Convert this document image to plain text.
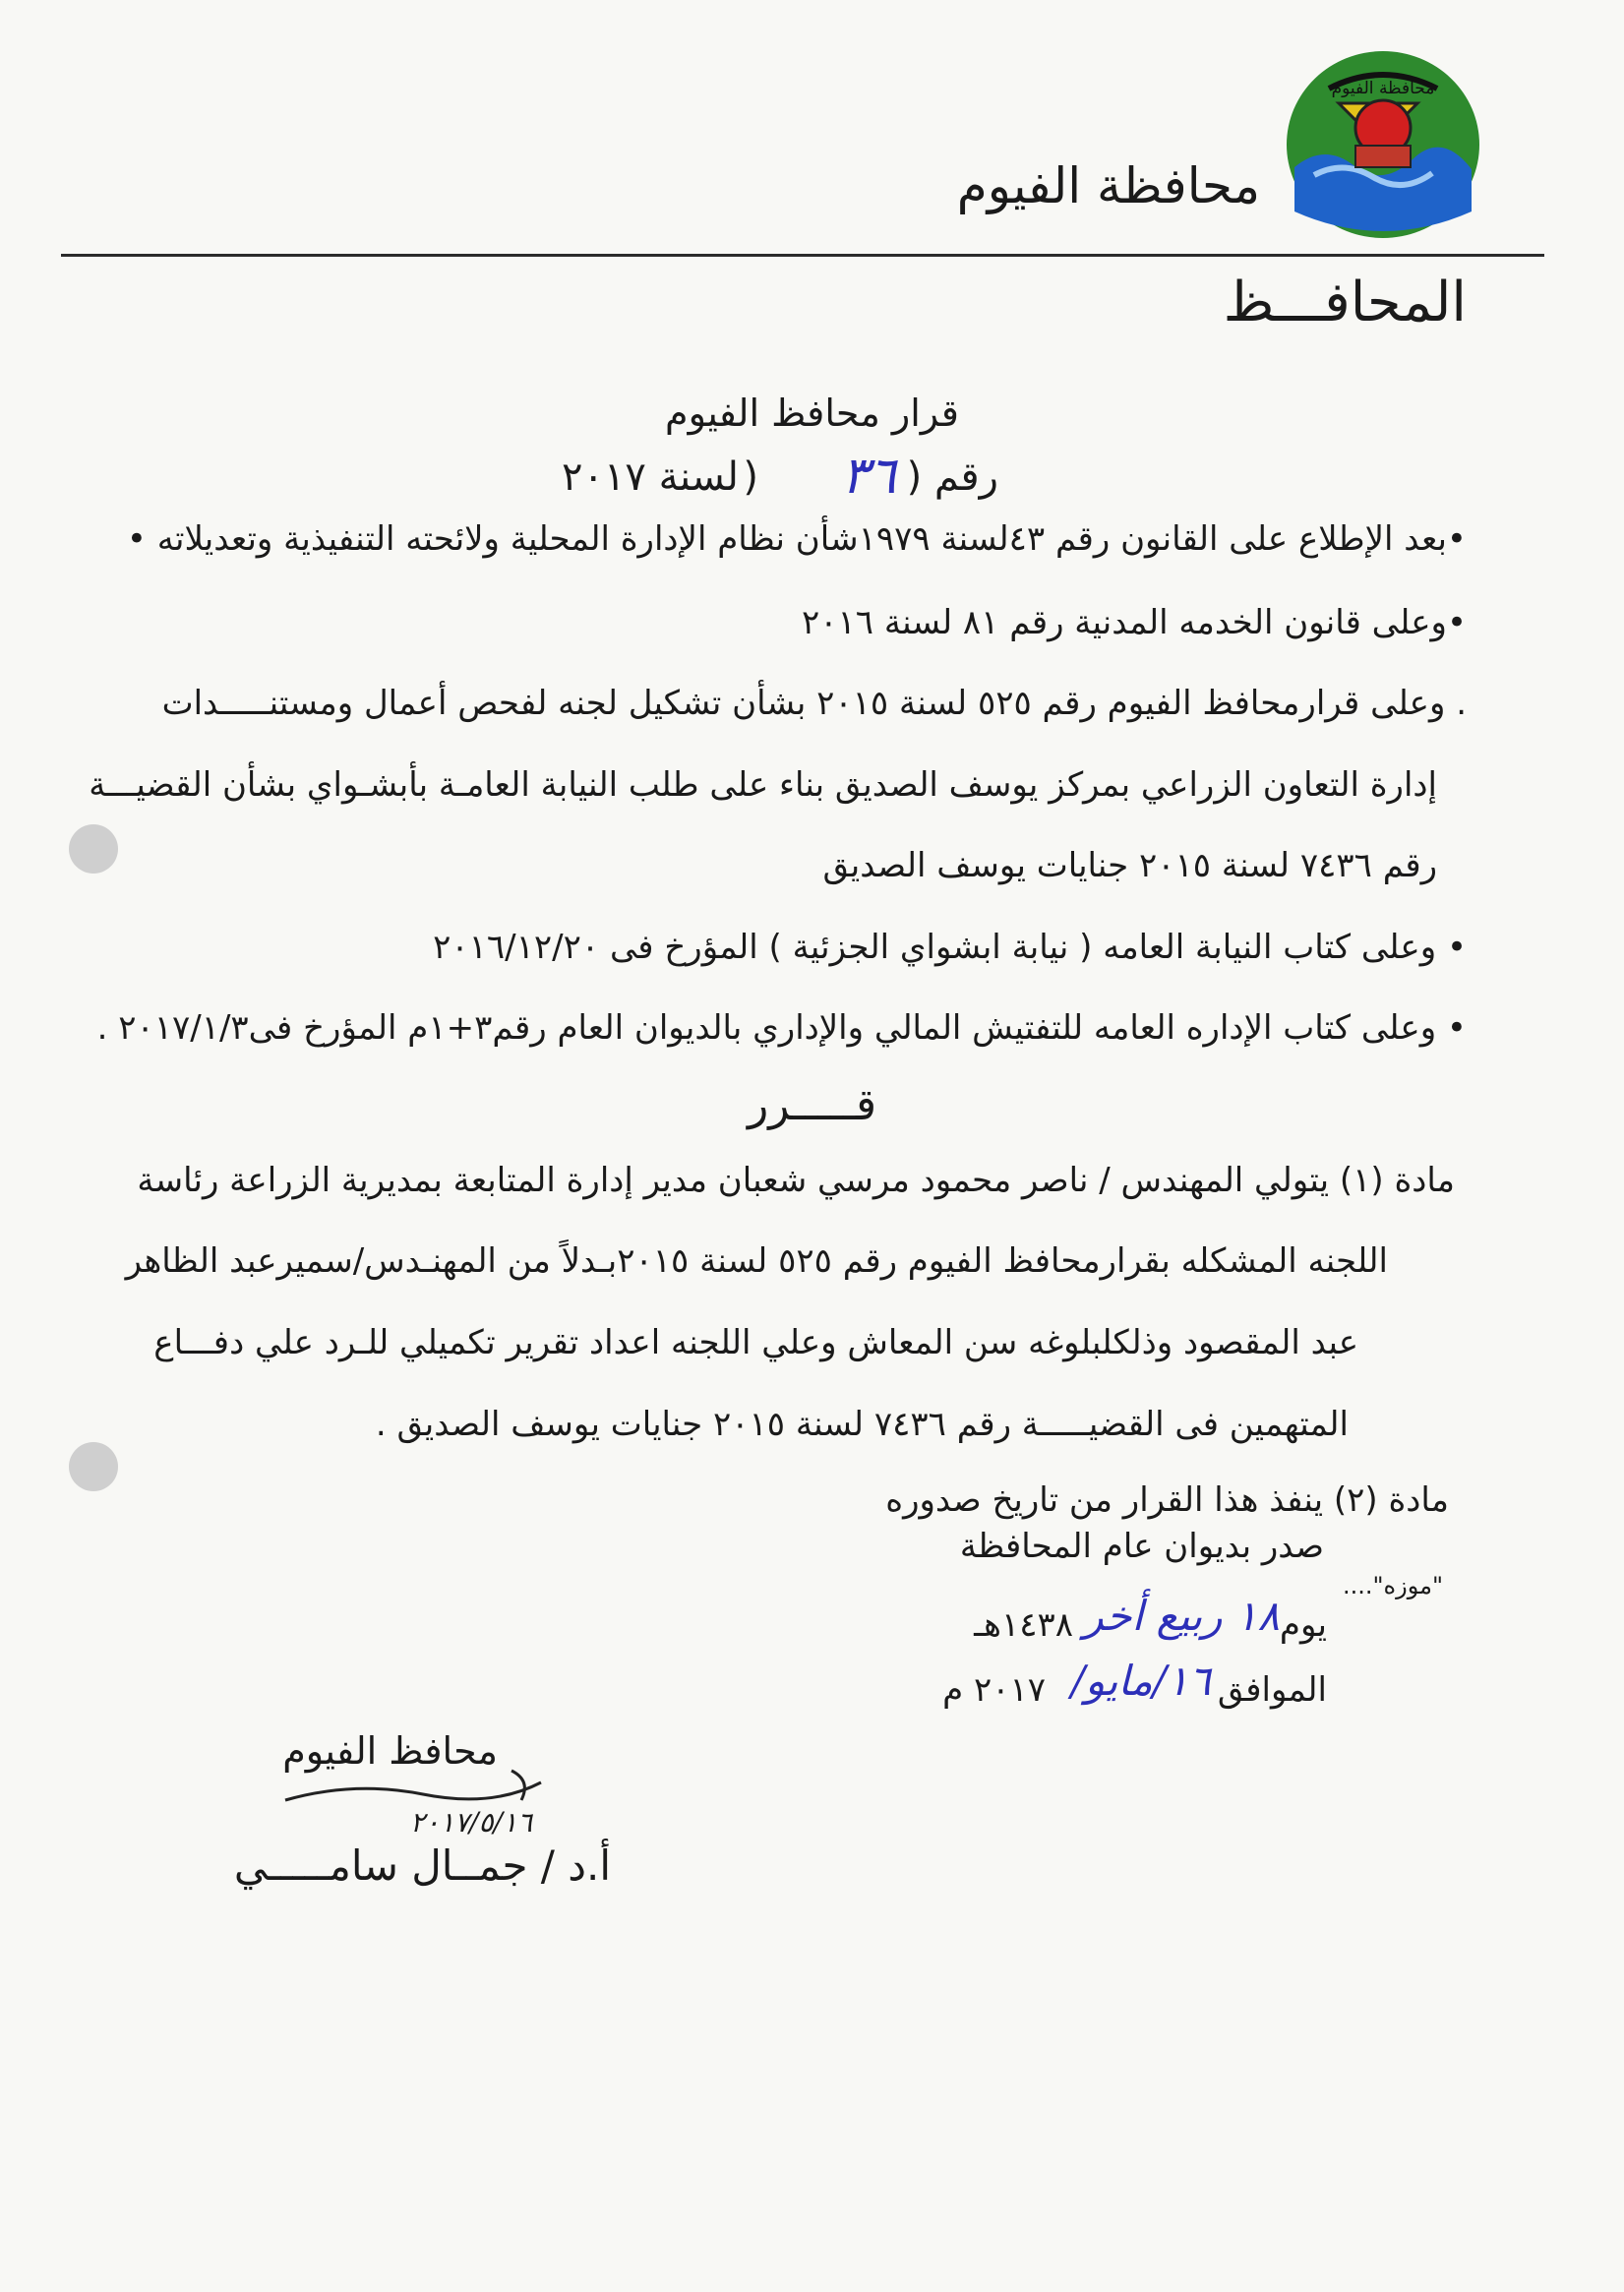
محافظة الفيوم
محافظة الفيوم
المحافـــظ
قرار محافظ الفيوم
رقم (
٣٦
)
لسنة ٢٠١٧
•بعد الإطلاع على القانون رقم ٤٣لسنة ١٩٧٩شأن نظام الإدارة المحلية ولائحته التنفيذية وتعديلاته •
•وعلى قانون الخدمه المدنية رقم ٨١ لسنة ٢٠١٦
. وعلى قرارمحافظ الفيوم رقم ٥٢٥ لسنة ٢٠١٥ بشأن تشكيل لجنه لفحص أعمال ومستنـــــدات
إدارة التعاون الزراعي بمركز يوسف الصديق بناء على طلب النيابة العامـة بأبشـواي بشأن القضيـــة
رقم ٧٤٣٦ لسنة ٢٠١٥ جنايات يوسف الصديق
• وعلى كتاب النيابة العامه ( نيابة ابشواي الجزئية ) المؤرخ فى ٢٠١٦/١٢/٢٠
• وعلى كتاب الإداره العامه للتفتيش المالي والإداري بالديوان العام رقم٣+١م المؤرخ فى٢٠١٧/١/٣ .
قـــــرر
مادة (١) يتولي المهندس / ناصر محمود مرسي شعبان مدير إدارة المتابعة بمديرية الزراعة رئاسة
اللجنه المشكله بقرارمحافظ الفيوم رقم ٥٢٥ لسنة ٢٠١٥بـدلاً من المهنـدس/سميرعبد الظاهر
عبد المقصود وذلكلبلوغه سن المعاش وعلي اللجنه اعداد تقرير تكميلي للـرد علي دفـــاع
المتهمين فى القضيـــــة رقم ٧٤٣٦ لسنة ٢٠١٥ جنايات يوسف الصديق .
مادة (٢) ينفذ هذا القرار من تاريخ صدوره
صدر بديوان عام المحافظة
"موزه"....
يوم
١٨ ربيع أخر
١٤٣٨هـ
الموافق
١٦/مايو/
٢٠١٧ م
محافظ الفيوم
٢٠١٧/٥/١٦
أ.د / جمــال سامـــــي
